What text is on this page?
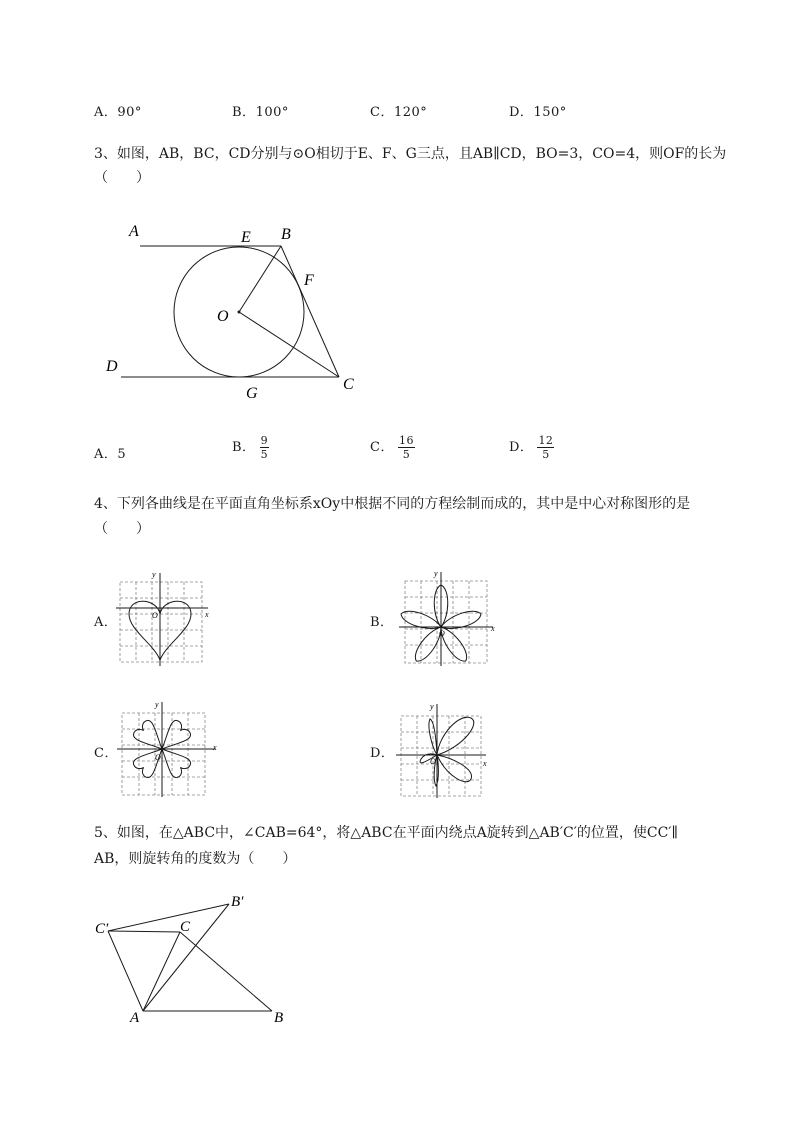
A．90°	B．100°	C．120°	D．150°
3、如图，AB，BC，CD分别与⊙O相切于E、F、G三点，且AB∥CD，BO=3，CO=4，则OF的长为
（　　）
A	E B
F
O
D
G
C
A．5	B． $\frac{9}{5}$	C． $\frac{16}{5}$	D． $\frac{12}{5}$
4、下列各曲线是在平面直角坐标系xOy中根据不同的方程绘制而成的，其中是中心对称图形的是
（　　）
A．	B．
C．	D．
y
x
O
y
x
O
y
x
O
y
x
O
5、如图，在△ABC中，∠CAB=64°，将△ABC在平面内绕点A旋转到△AB′C′的位置，使CC′∥
AB，则旋转角的度数为（　　）
C′	C
B′
A	B
